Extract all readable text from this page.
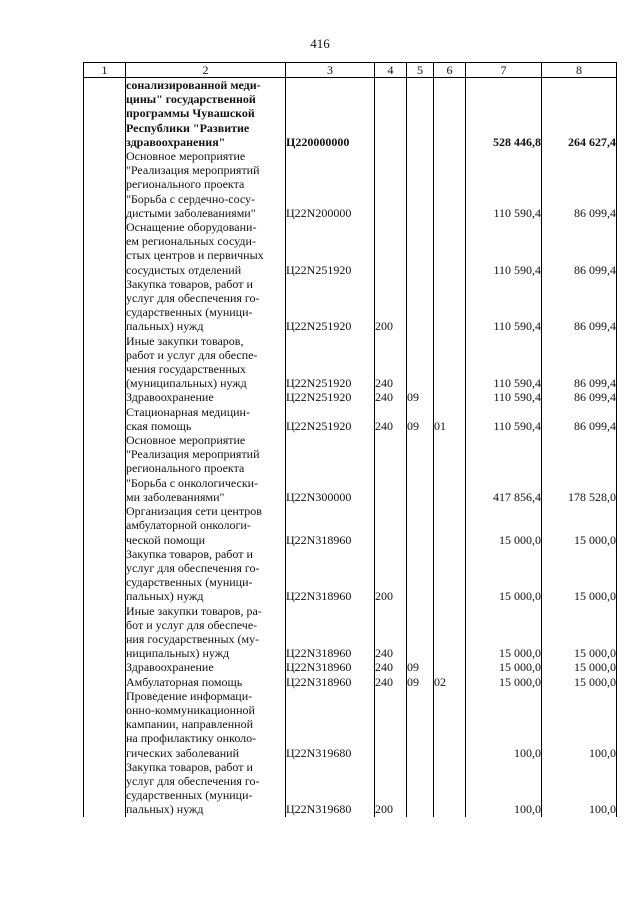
416
1	2	3	4	5	6	7	8
	сонализированной меди-
цины" государственной
программы Чувашской
Республики "Развитие
здравоохранения"	Ц220000000				528 446,8	264 627,4
	Основное мероприятие
"Реализация мероприятий
регионального проекта
"Борьба с сердечно-сосу-
дистыми заболеваниями"	Ц22N200000				110 590,4	86 099,4
	Оснащение оборудовани-
ем региональных сосуди-
стых центров и первичных
сосудистых отделений	Ц22N251920				110 590,4	86 099,4
	Закупка товаров, работ и
услуг для обеспечения го-
сударственных (муници-
пальных) нужд	Ц22N251920	200			110 590,4	86 099,4
	Иные закупки товаров,
работ и услуг для обеспе-
чения государственных
(муниципальных) нужд	Ц22N251920	240			110 590,4	86 099,4
	Здравоохранение	Ц22N251920	240	09		110 590,4	86 099,4
	Стационарная медицин-
ская помощь	Ц22N251920	240	09	01	110 590,4	86 099,4
	Основное мероприятие
"Реализация мероприятий
регионального проекта
"Борьба с онкологически-
ми заболеваниями"	Ц22N300000				417 856,4	178 528,0
	Организация сети центров
амбулаторной онкологи-
ческой помощи	Ц22N318960				15 000,0	15 000,0
	Закупка товаров, работ и
услуг для обеспечения го-
сударственных (муници-
пальных) нужд	Ц22N318960	200			15 000,0	15 000,0
	Иные закупки товаров, ра-
бот и услуг для обеспече-
ния государственных (му-
ниципальных) нужд	Ц22N318960	240			15 000,0	15 000,0
	Здравоохранение	Ц22N318960	240	09		15 000,0	15 000,0
	Амбулаторная помощь	Ц22N318960	240	09	02	15 000,0	15 000,0
	Проведение информаци-
онно-коммуникационной
кампании, направленной
на профилактику онколо-
гических заболеваний	Ц22N319680				100,0	100,0
	Закупка товаров, работ и
услуг для обеспечения го-
сударственных (муници-
пальных) нужд	Ц22N319680	200			100,0	100,0
